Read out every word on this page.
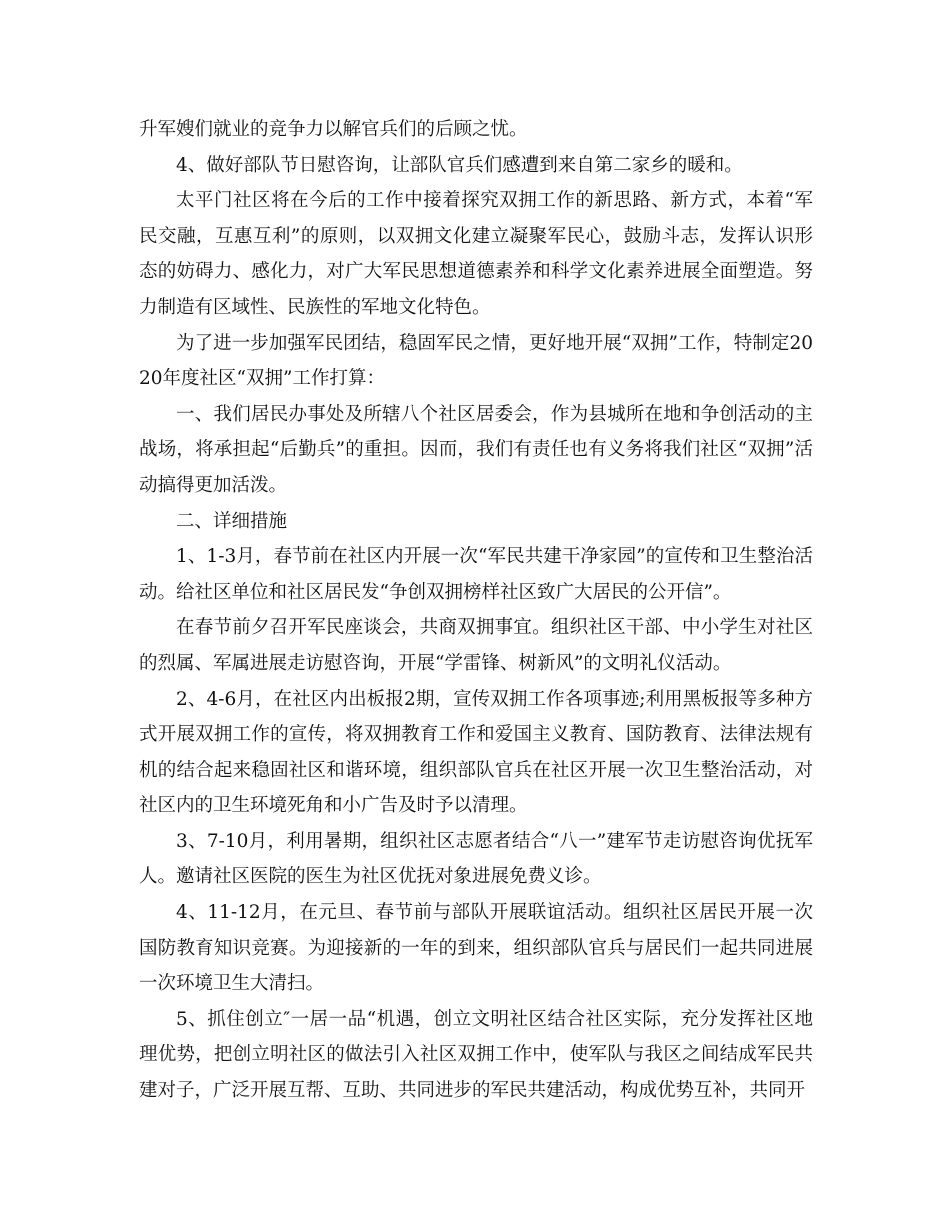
升军嫂们就业的竞争力以解官兵们的后顾之忧。

4、做好部队节日慰咨询，让部队官兵们感遭到来自第二家乡的暖和。

太平门社区将在今后的工作中接着探究双拥工作的新思路、新方式，本着“军民交融，互惠互利”的原则，以双拥文化建立凝聚军民心，鼓励斗志，发挥认识形态的妨碍力、感化力，对广大军民思想道德素养和科学文化素养进展全面塑造。努力制造有区域性、民族性的军地文化特色。

为了进一步加强军民团结，稳固军民之情，更好地开展“双拥”工作，特制定2020年度社区“双拥”工作打算：

一、我们居民办事处及所辖八个社区居委会，作为县城所在地和争创活动的主战场，将承担起“后勤兵”的重担。因而，我们有责任也有义务将我们社区“双拥”活动搞得更加活泼。

二、详细措施

1、1-3月，春节前在社区内开展一次“军民共建干净家园”的宣传和卫生整治活动。给社区单位和社区居民发“争创双拥榜样社区致广大居民的公开信”。

在春节前夕召开军民座谈会，共商双拥事宜。组织社区干部、中小学生对社区的烈属、军属进展走访慰咨询，开展“学雷锋、树新风”的文明礼仪活动。

2、4-6月，在社区内出板报2期，宣传双拥工作各项事迹;利用黑板报等多种方式开展双拥工作的宣传，将双拥教育工作和爱国主义教育、国防教育、法律法规有机的结合起来稳固社区和谐环境，组织部队官兵在社区开展一次卫生整治活动，对社区内的卫生环境死角和小广告及时予以清理。

3、7-10月，利用暑期，组织社区志愿者结合“八一”建军节走访慰咨询优抚军人。邀请社区医院的医生为社区优抚对象进展免费义诊。

4、11-12月，在元旦、春节前与部队开展联谊活动。组织社区居民开展一次国防教育知识竞赛。为迎接新的一年的到来，组织部队官兵与居民们一起共同进展一次环境卫生大清扫。

5、抓住创立″一居一品“机遇，创立文明社区结合社区实际，充分发挥社区地理优势，把创立明社区的做法引入社区双拥工作中，使军队与我区之间结成军民共建对子，广泛开展互帮、互助、共同进步的军民共建活动，构成优势互补，共同开
